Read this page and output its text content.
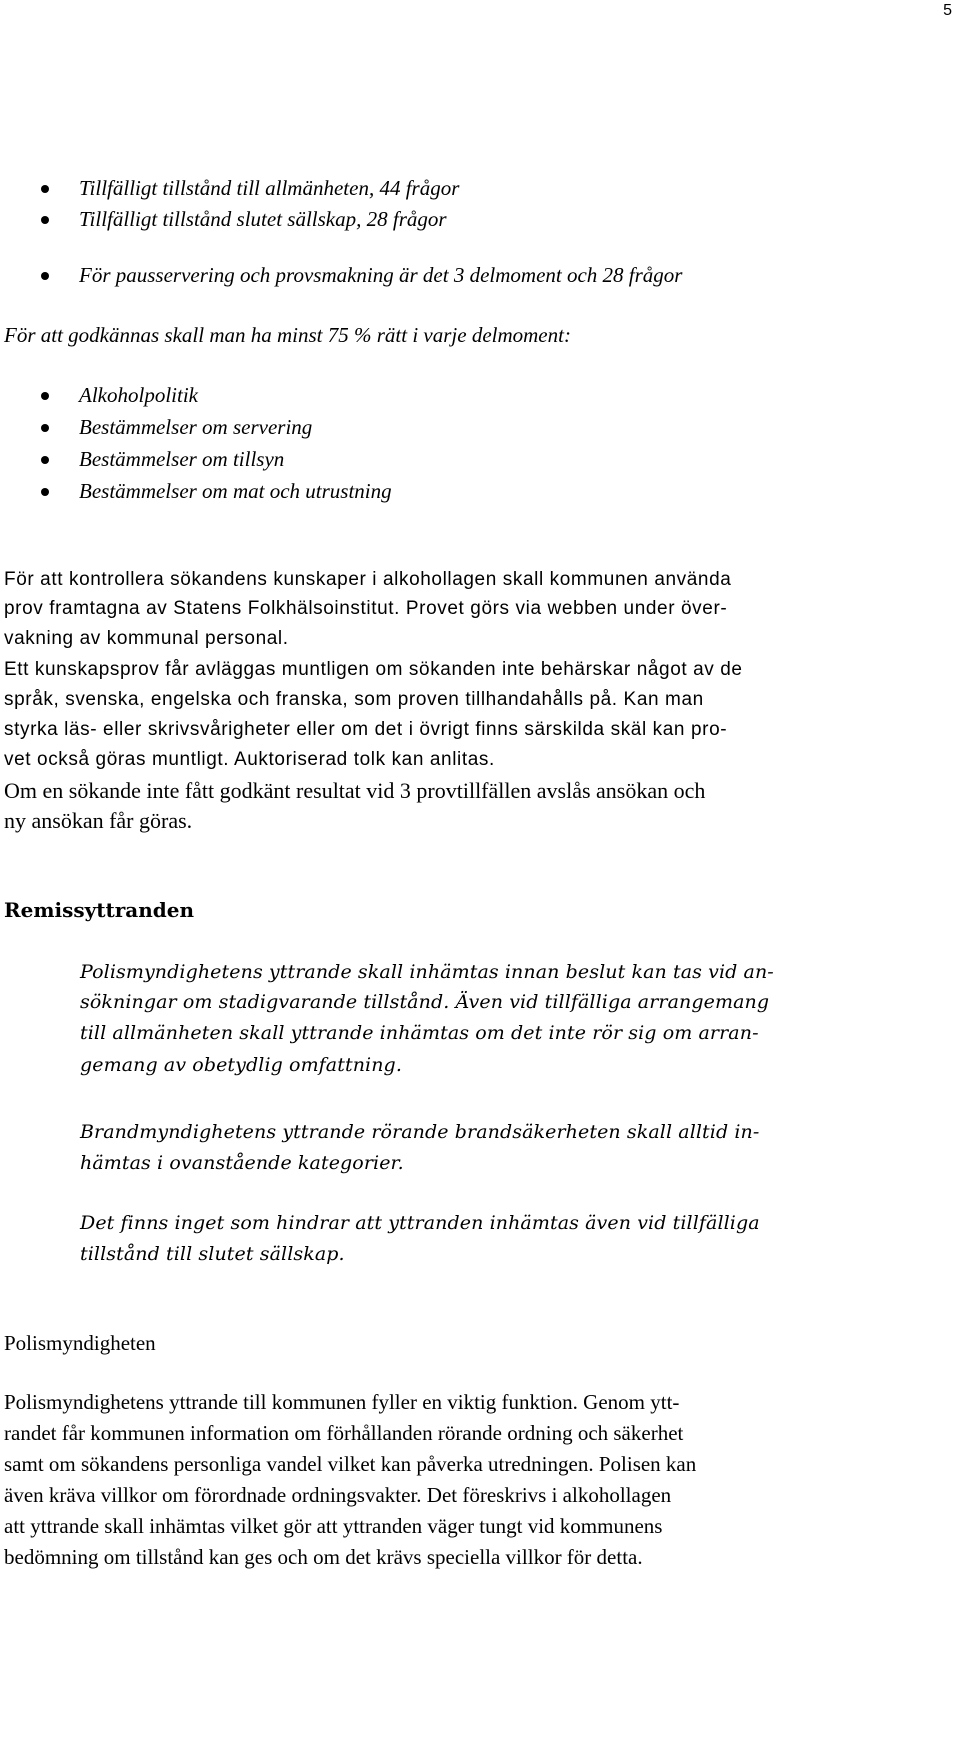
5
Tillfälligt tillstånd till allmänheten, 44 frågor
Tillfälligt tillstånd slutet sällskap, 28 frågor
För pausservering och provsmakning är det 3 delmoment och 28 frågor
För att godkännas skall man ha minst 75 % rätt i varje delmoment:
Alkoholpolitik
Bestämmelser om servering
Bestämmelser om tillsyn
Bestämmelser om mat och utrustning
För att kontrollera sökandens kunskaper i alkohollagen skall kommunen använda
prov framtagna av Statens Folkhälsoinstitut. Provet görs via webben under över-
vakning av kommunal personal.
Ett kunskapsprov får avläggas muntligen om sökanden inte behärskar något av de
språk, svenska, engelska och franska, som proven tillhandahålls på. Kan man
styrka läs- eller skrivsvårigheter eller om det i övrigt finns särskilda skäl kan pro-
vet också göras muntligt. Auktoriserad tolk kan anlitas.
Om en sökande inte fått godkänt resultat vid 3 provtillfällen avslås ansökan och
ny ansökan får göras.
Remissyttranden
Polismyndighetens yttrande skall inhämtas innan beslut kan tas vid an-
sökningar om stadigvarande tillstånd. Även vid tillfälliga arrangemang
till allmänheten skall yttrande inhämtas om det inte rör sig om arran-
gemang av obetydlig omfattning.
Brandmyndighetens yttrande rörande brandsäkerheten skall alltid in-
hämtas i ovanstående kategorier.
Det finns inget som hindrar att yttranden inhämtas även vid tillfälliga
tillstånd till slutet sällskap.
Polismyndigheten
Polismyndighetens yttrande till kommunen fyller en viktig funktion. Genom ytt-
randet får kommunen information om förhållanden rörande ordning och säkerhet
samt om sökandens personliga vandel vilket kan påverka utredningen. Polisen kan
även kräva villkor om förordnade ordningsvakter. Det föreskrivs i alkohollagen
att yttrande skall inhämtas vilket gör att yttranden väger tungt vid kommunens
bedömning om tillstånd kan ges och om det krävs speciella villkor för detta.
